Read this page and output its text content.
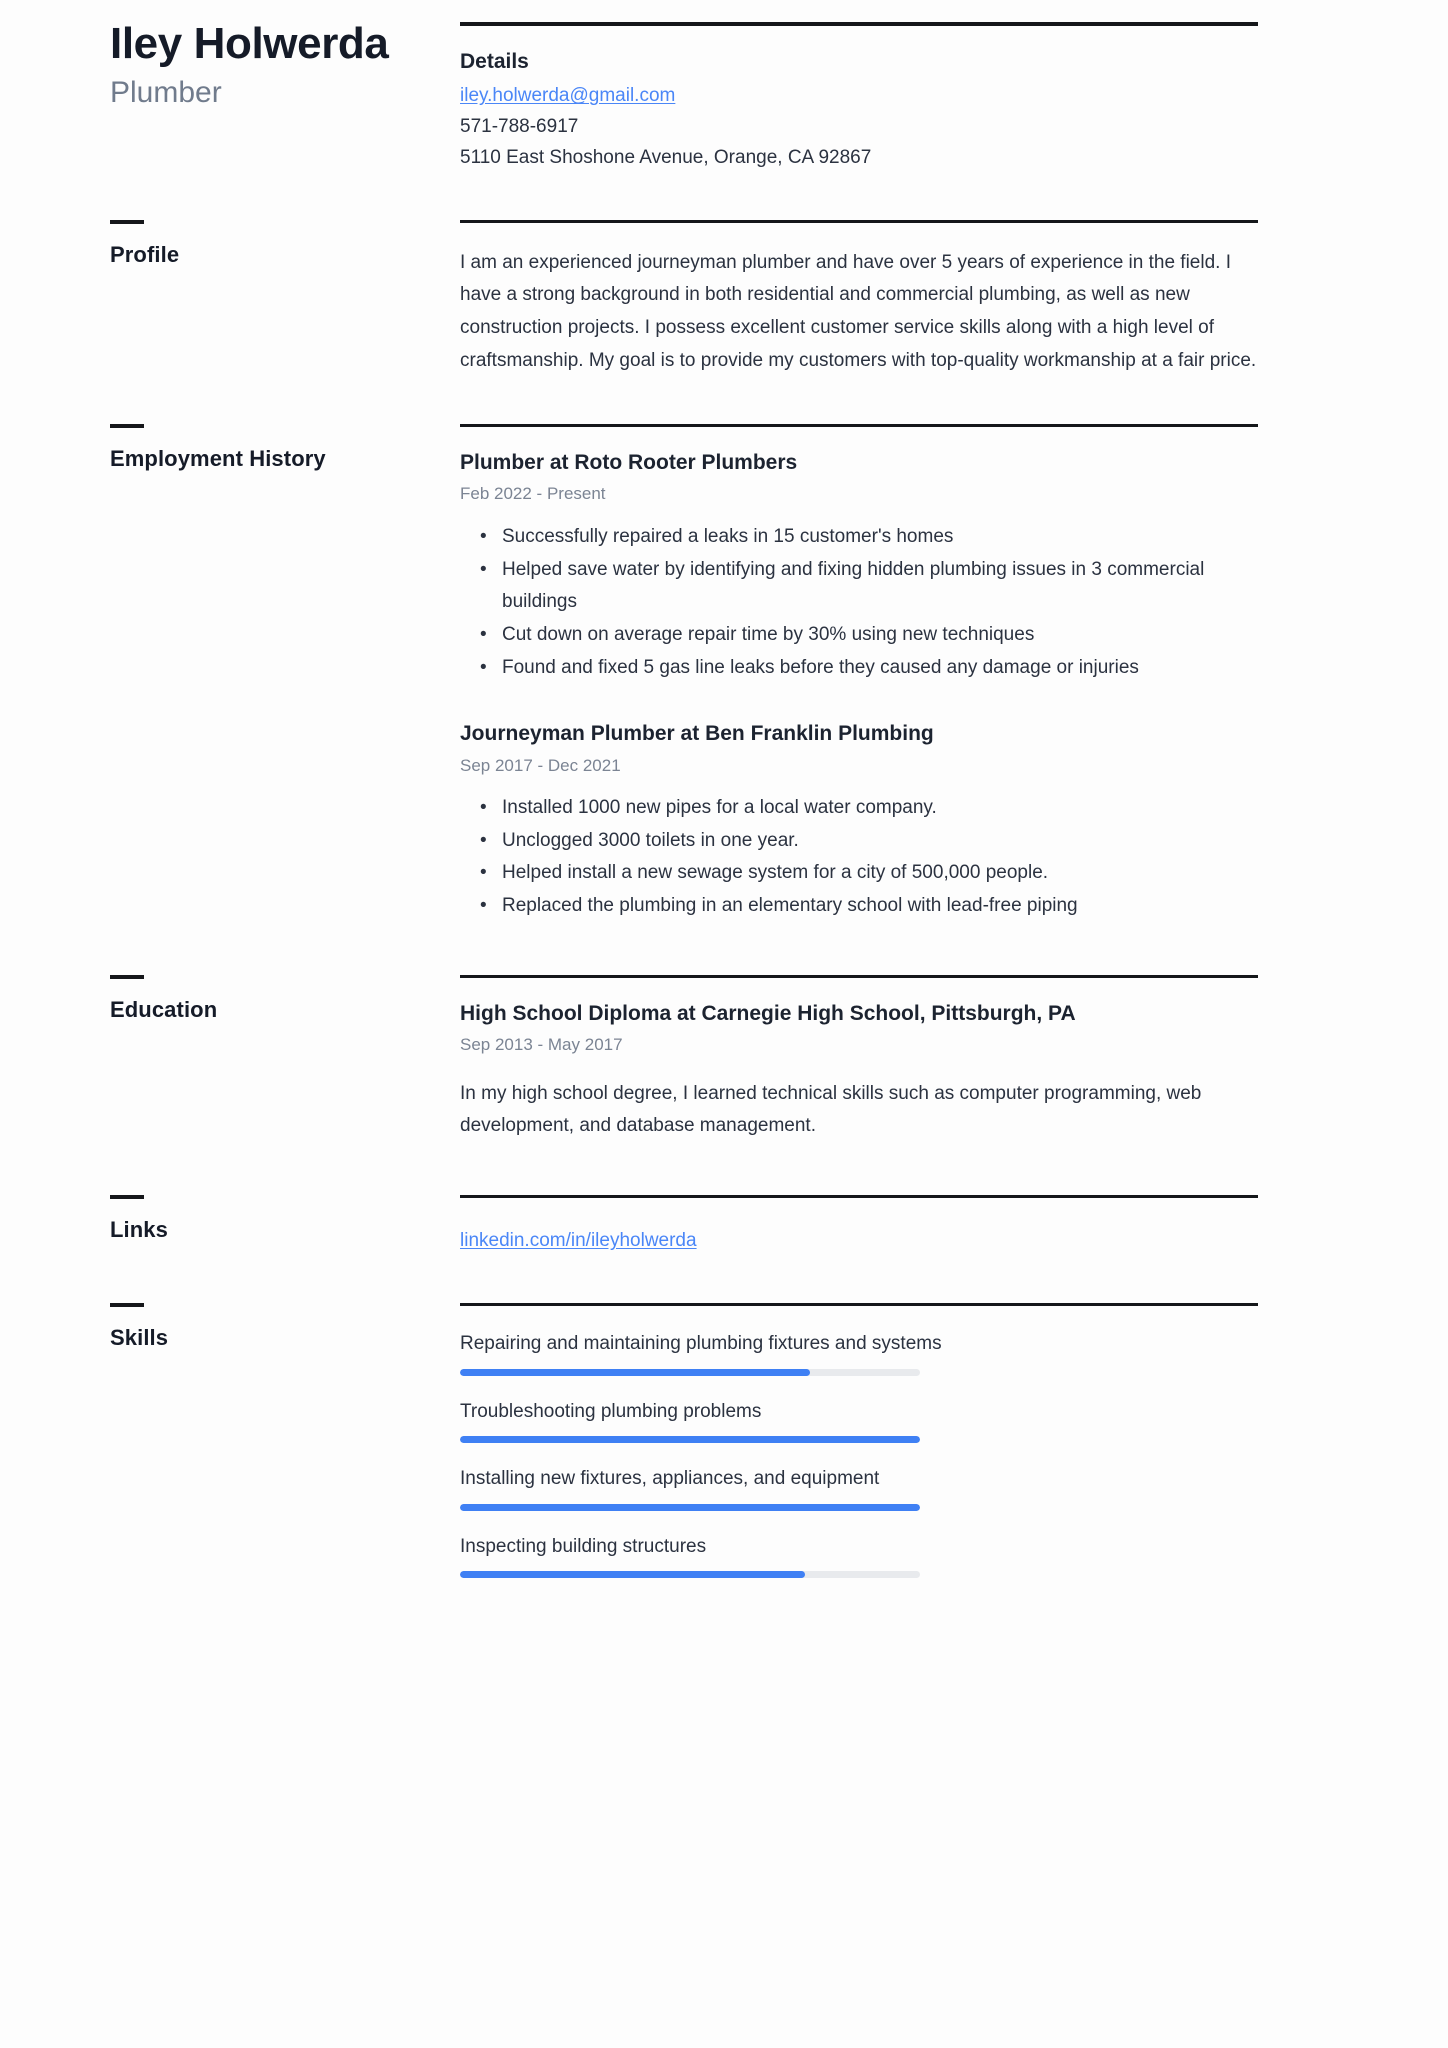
Iley Holwerda
Plumber
Details
iley.holwerda@gmail.com
571-788-6917
5110 East Shoshone Avenue, Orange, CA 92867
Profile	I am an experienced journeyman plumber and have over 5 years of experience in the field. I have a strong background in both residential and commercial plumbing, as well as new construction projects. I possess excellent customer service skills along with a high level of craftsmanship. My goal is to provide my customers with top-quality workmanship at a fair price.

Employment History	Plumber at Roto Rooter Plumbers
Feb 2022 - Present
• Successfully repaired a leaks in 15 customer's homes
• Helped save water by identifying and fixing hidden plumbing issues in 3 commercial buildings
• Cut down on average repair time by 30% using new techniques
• Found and fixed 5 gas line leaks before they caused any damage or injuries
Journeyman Plumber at Ben Franklin Plumbing
Sep 2017 - Dec 2021
• Installed 1000 new pipes for a local water company.
• Unclogged 3000 toilets in one year.
• Helped install a new sewage system for a city of 500,000 people.
• Replaced the plumbing in an elementary school with lead-free piping
Education	High School Diploma at Carnegie High School, Pittsburgh, PA
Sep 2013 - May 2017

In my high school degree, I learned technical skills such as computer programming, web development, and database management.

Links	linkedin.com/in/ileyholwerda
Skills	Repairing and maintaining plumbing fixtures and systems
Troubleshooting plumbing problems
Installing new fixtures, appliances, and equipment
Inspecting building structures
